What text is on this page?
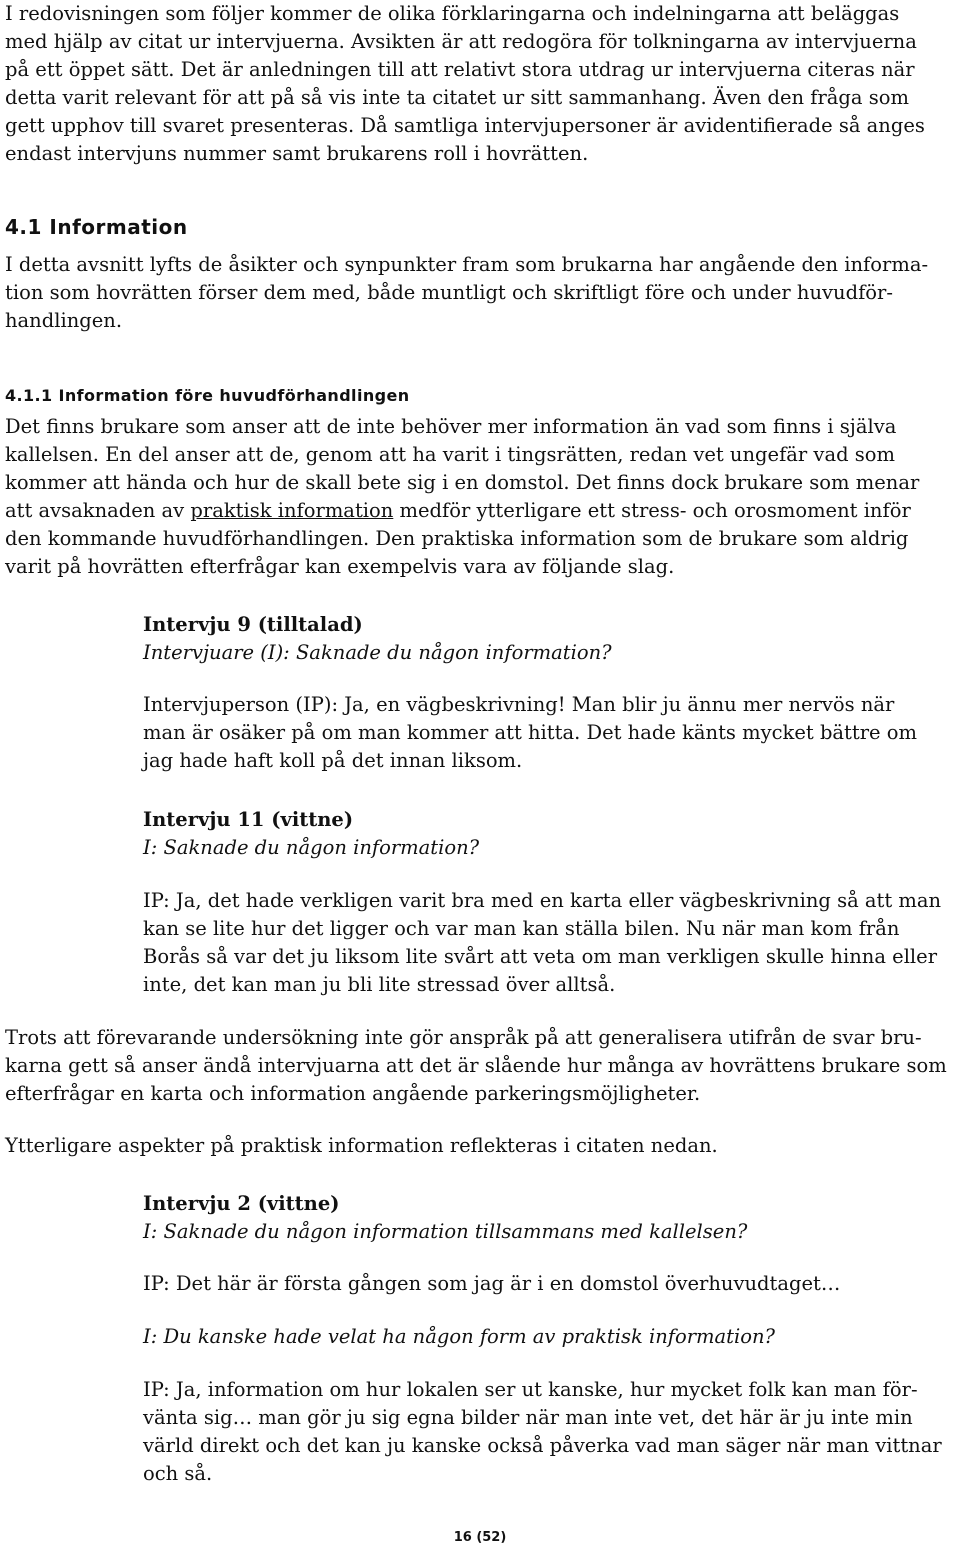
I redovisningen som följer kommer de olika förklaringarna och indelningarna att beläggas
med hjälp av citat ur intervjuerna. Avsikten är att redogöra för tolkningarna av intervjuerna
på ett öppet sätt. Det är anledningen till att relativt stora utdrag ur intervjuerna citeras när
detta varit relevant för att på så vis inte ta citatet ur sitt sammanhang. Även den fråga som
gett upphov till svaret presenteras. Då samtliga intervjupersoner är avidentifierade så anges
endast intervjuns nummer samt brukarens roll i hovrätten.
4.1 Information
I detta avsnitt lyfts de åsikter och synpunkter fram som brukarna har angående den informa-
tion som hovrätten förser dem med, både muntligt och skriftligt före och under huvudför-
handlingen.
4.1.1 Information före huvudförhandlingen
Det finns brukare som anser att de inte behöver mer information än vad som finns i själva
kallelsen. En del anser att de, genom att ha varit i tingsrätten, redan vet ungefär vad som
kommer att hända och hur de skall bete sig i en domstol. Det finns dock brukare som menar
att avsaknaden av praktisk information medför ytterligare ett stress- och orosmoment inför
den kommande huvudförhandlingen. Den praktiska information som de brukare som aldrig
varit på hovrätten efterfrågar kan exempelvis vara av följande slag.
Intervju 9 (tilltalad)
Intervjuare (I): Saknade du någon information?
Intervjuperson (IP): Ja, en vägbeskrivning! Man blir ju ännu mer nervös när
man är osäker på om man kommer att hitta. Det hade känts mycket bättre om
jag hade haft koll på det innan liksom.
Intervju 11 (vittne)
I: Saknade du någon information?
IP: Ja, det hade verkligen varit bra med en karta eller vägbeskrivning så att man
kan se lite hur det ligger och var man kan ställa bilen. Nu när man kom från
Borås så var det ju liksom lite svårt att veta om man verkligen skulle hinna eller
inte, det kan man ju bli lite stressad över alltså.
Trots att förevarande undersökning inte gör anspråk på att generalisera utifrån de svar bru-
karna gett så anser ändå intervjuarna att det är slående hur många av hovrättens brukare som
efterfrågar en karta och information angående parkeringsmöjligheter.
Ytterligare aspekter på praktisk information reflekteras i citaten nedan.
Intervju 2 (vittne)
I: Saknade du någon information tillsammans med kallelsen?
IP: Det här är första gången som jag är i en domstol överhuvudtaget…
I: Du kanske hade velat ha någon form av praktisk information?
IP: Ja, information om hur lokalen ser ut kanske, hur mycket folk kan man för-
vänta sig… man gör ju sig egna bilder när man inte vet, det här är ju inte min
värld direkt och det kan ju kanske också påverka vad man säger när man vittnar
och så.
16 (52)
